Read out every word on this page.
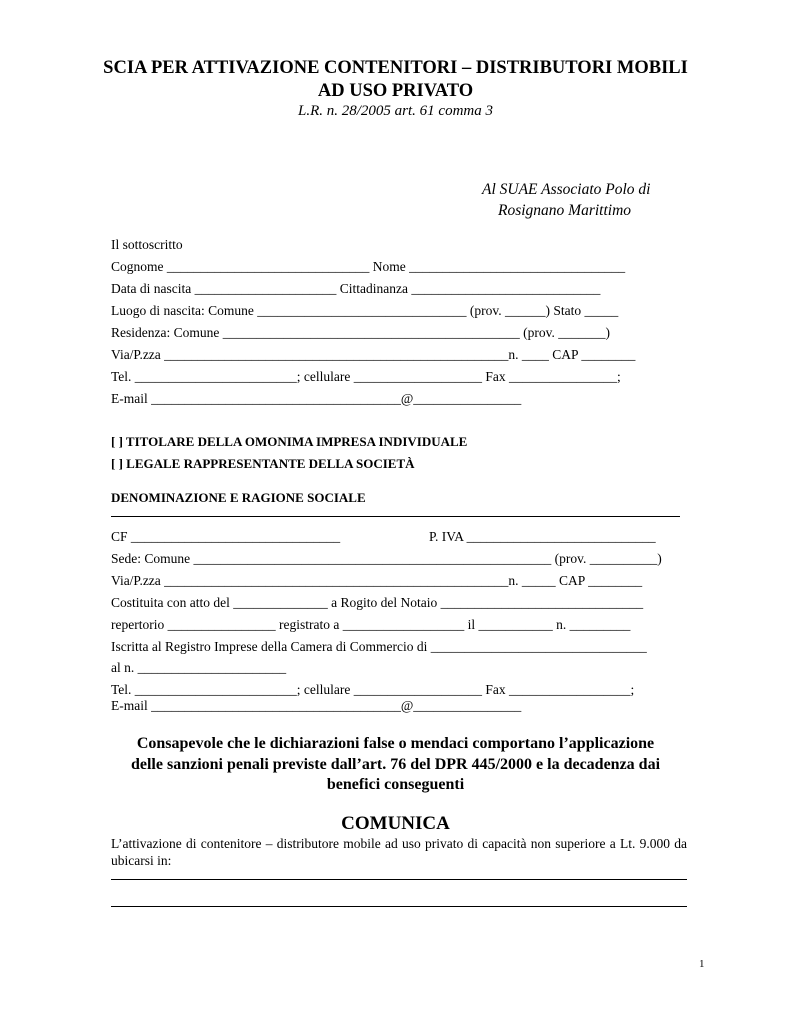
SCIA PER ATTIVAZIONE CONTENITORI – DISTRIBUTORI MOBILI
AD USO PRIVATO
L.R. n. 28/2005 art. 61 comma 3
Al SUAE Associato Polo di
Rosignano Marittimo
Il sottoscritto
Cognome ______________________________ Nome ________________________________
Data di nascita _____________________ Cittadinanza ____________________________
Luogo di nascita: Comune _______________________________ (prov. ______) Stato _____
Residenza: Comune ____________________________________________ (prov. _______)
Via/P.zza ___________________________________________________n. ____ CAP ________
Tel. ________________________; cellulare ___________________ Fax ________________;
E-mail _____________________________________@________________
[ ] TITOLARE DELLA OMONIMA IMPRESA INDIVIDUALE
[ ] LEGALE RAPPRESENTANTE DELLA SOCIETÀ
DENOMINAZIONE E RAGIONE SOCIALE
CF _______________________________	P. IVA ____________________________
Sede: Comune _____________________________________________________ (prov. __________)
Via/P.zza ___________________________________________________n. _____ CAP ________
Costituita con atto del ______________ a Rogito del Notaio ______________________________
repertorio ________________ registrato a __________________ il ___________ n. _________
Iscritta al Registro Imprese della Camera di Commercio di ________________________________
al n. ______________________
Tel. ________________________; cellulare ___________________ Fax __________________;
E-mail _____________________________________@________________
Consapevole che le dichiarazioni false o mendaci comportano l’applicazione
delle sanzioni penali previste dall’art. 76 del DPR 445/2000 e la decadenza dai
benefici conseguenti
COMUNICA
L’attivazione di contenitore – distributore mobile ad uso privato di capacità non superiore a Lt. 9.000 da ubicarsi in:
1
